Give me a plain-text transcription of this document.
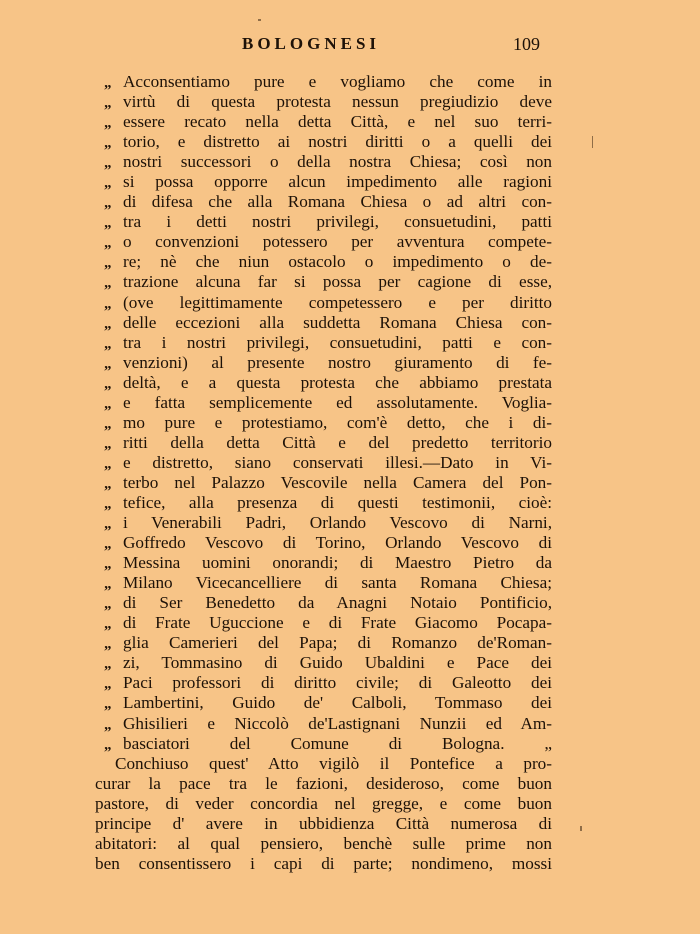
BOLOGNESI	109
„ Acconsentiamo pure e vogliamo che come in
„ virtù di questa protesta nessun pregiudizio deve
„ essere recato nella detta Città, e nel suo terri-
„ torio, e distretto ai nostri diritti o a quelli dei
„ nostri successori o della nostra Chiesa; così non
„ si possa opporre alcun impedimento alle ragioni
„ di difesa che alla Romana Chiesa o ad altri con-
„ tra i detti nostri privilegi, consuetudini, patti
„ o convenzioni potessero per avventura compete-
„ re; nè che niun ostacolo o impedimento o de-
„ trazione alcuna far si possa per cagione di esse,
„ (ove legittimamente competessero e per diritto
„ delle eccezioni alla suddetta Romana Chiesa con-
„ tra i nostri privilegi, consuetudini, patti e con-
„ venzioni) al presente nostro giuramento di fe-
„ deltà, e a questa protesta che abbiamo prestata
„ e fatta semplicemente ed assolutamente. Voglia-
„ mo pure e protestiamo, com'è detto, che i di-
„ ritti della detta Città e del predetto territorio
„ e distretto, siano conservati illesi.—Dato in Vi-
„ terbo nel Palazzo Vescovile nella Camera del Pon-
„ tefice, alla presenza di questi testimonii, cioè:
„ i Venerabili Padri, Orlando Vescovo di Narni,
„ Goffredo Vescovo di Torino, Orlando Vescovo di
„ Messina uomini onorandi; di Maestro Pietro da
„ Milano Vicecancelliere di santa Romana Chiesa;
„ di Ser Benedetto da Anagni Notaio Pontificio,
„ di Frate Uguccione e di Frate Giacomo Pocapa-
„ glia Camerieri del Papa; di Romanzo de'Roman-
„ zi, Tommasino di Guido Ubaldini e Pace dei
„ Paci professori di diritto civile; di Galeotto dei
„ Lambertini, Guido de' Calboli, Tommaso dei
„ Ghisilieri e Niccolò de'Lastignani Nunzii ed Am-
„ basciatori del Comune di Bologna. „
Conchiuso quest' Atto vigilò il Pontefice a pro-
curar la pace tra le fazioni, desideroso, come buon
pastore, di veder concordia nel gregge, e come buon
principe d' avere in ubbidienza Città numerosa di
abitatori: al qual pensiero, benchè sulle prime non
ben consentissero i capi di parte; nondimeno, mossi
